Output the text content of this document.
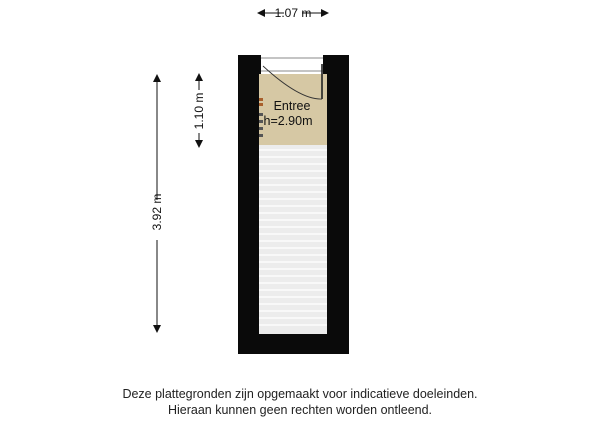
Entree
h=2.90m
1.07 m
3.92 m
1.10 m
Deze plattegronden zijn opgemaakt voor indicatieve doeleinden.
Hieraan kunnen geen rechten worden ontleend.
